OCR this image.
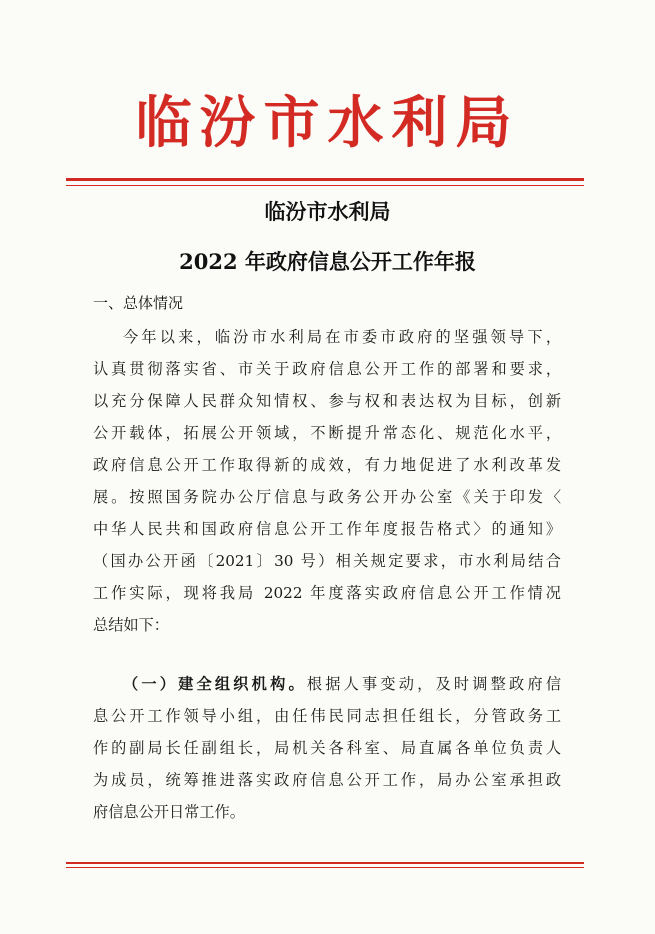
临汾市水利局
临汾市水利局
2022 年政府信息公开工作年报
一、总体情况
今年以来，临汾市水利局在市委市政府的坚强领导下，
认真贯彻落实省、市关于政府信息公开工作的部署和要求，
以充分保障人民群众知情权、参与权和表达权为目标，创新
公开载体，拓展公开领域，不断提升常态化、规范化水平，
政府信息公开工作取得新的成效，有力地促进了水利改革发
展。按照国务院办公厅信息与政务公开办公室《关于印发〈
中华人民共和国政府信息公开工作年度报告格式〉的通知》
（国办公开函〔2021〕30 号）相关规定要求，市水利局结合
工作实际，现将我局 2022 年度落实政府信息公开工作情况
总结如下：
（一）建全组织机构。根据人事变动，及时调整政府信
息公开工作领导小组，由任伟民同志担任组长，分管政务工
作的副局长任副组长，局机关各科室、局直属各单位负责人
为成员，统筹推进落实政府信息公开工作，局办公室承担政
府信息公开日常工作。
